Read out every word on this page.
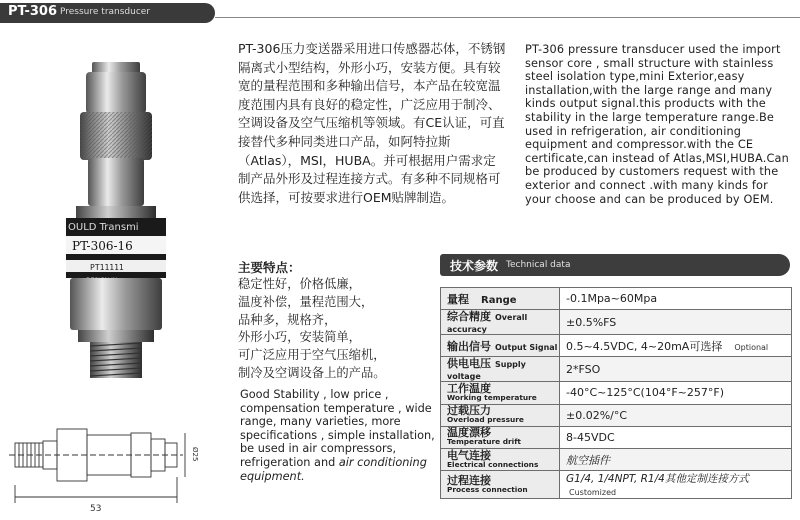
PT-306 Pressure transducer
OULD Transmi
PT-306-16
PT11111
53
Ø25
PT-306压力变送器采用进口传感器芯体，不锈钢隔离式小型结构，外形小巧，安装方便。具有较宽的量程范围和多种输出信号，本产品在较宽温度范围内具有良好的稳定性，广泛应用于制冷、空调设备及空气压缩机等领域。有CE认证，可直接替代多种同类进口产品，如阿特拉斯（Atlas），MSI，HUBA。并可根据用户需求定制产品外形及过程连接方式。有多种不同规格可供选择，可按要求进行OEM贴牌制造。
PT-306 pressure transducer used the import sensor core , small structure with stainless steel isolation type,mini Exterior,easy installation,with the large range and many kinds output signal.this products with the stability in the large temperature range.Be used in refrigeration, air conditioning equipment and compressor.with the CE certificate,can instead of Atlas,MSI,HUBA.Can be produced by customers request with the exterior and connect .with many kinds for your choose and can be produced by OEM.
主要特点：
稳定性好，价格低廉，
温度补偿，量程范围大，
品种多，规格齐，
外形小巧，安装简单，
可广泛应用于空气压缩机，
制冷及空调设备上的产品。
Good Stability , low price , compensation temperature , wide range, many varieties, more specifications , simple installation, be used in air compressors, refrigeration and air conditioning equipment.
技术参数 Technical data
量程 Range	-0.1Mpa~60Mpa
综合精度 Overall accuracy	±0.5%FS
输出信号 Output Signal	0.5~4.5VDC, 4~20mA可选择 Optional
供电电压 Supply voltage	2*FSO

工作温度
Working temperature	-40°C~125°C(104°F~257°F)

过载压力
Overload pressure	±0.02%/°C

温度漂移
Temperature drift	8-45VDC

电气连接
Electrical connections	航空插件

过程连接
Process connection	G1/4, 1/4NPT, R1/4其他定制连接方式Customized
